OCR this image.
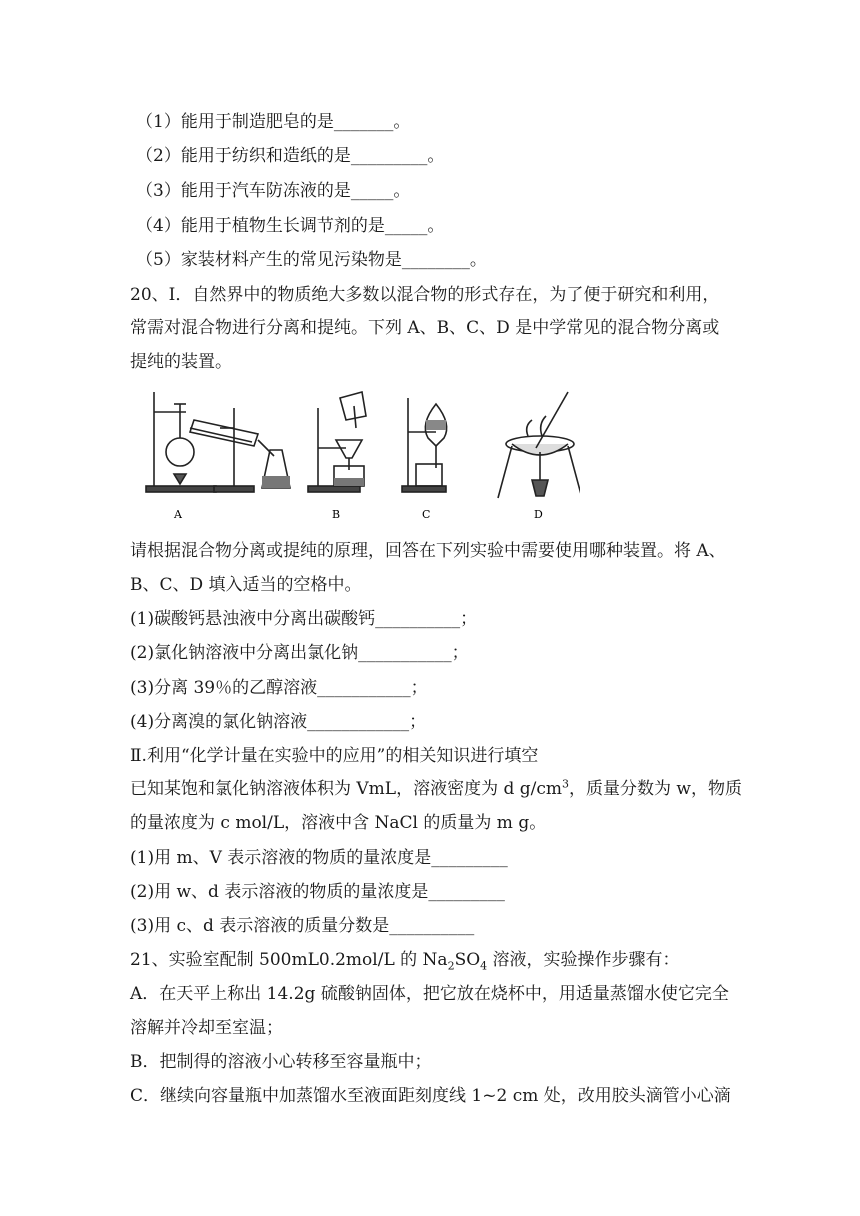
（1）能用于制造肥皂的是_______。
（2）能用于纺织和造纸的是_________。
（3）能用于汽车防冻液的是_____。
（4）能用于植物生长调节剂的是_____。
（5）家装材料产生的常见污染物是________。
20、I．自然界中的物质绝大多数以混合物的形式存在，为了便于研究和利用，
常需对混合物进行分离和提纯。下列 A、B、C、D 是中学常见的混合物分离或
提纯的装置。
A	B	C	D
请根据混合物分离或提纯的原理，回答在下列实验中需要使用哪种装置。将 A、
B、C、D 填入适当的空格中。
(1)碳酸钙悬浊液中分离出碳酸钙__________；
(2)氯化钠溶液中分离出氯化钠___________；
(3)分离 39％的乙醇溶液___________；
(4)分离溴的氯化钠溶液____________；
Ⅱ.利用“化学计量在实验中的应用”的相关知识进行填空
已知某饱和氯化钠溶液体积为 VmL，溶液密度为 d $g/cm^3$，质量分数为 w，物质
的量浓度为 c mol/L，溶液中含 NaCl 的质量为 m g。
(1)用 m、V 表示溶液的物质的量浓度是_________
(2)用 w、d 表示溶液的物质的量浓度是_________
(3)用 c、d 表示溶液的质量分数是__________
21、实验室配制 500mL0.2mol/L 的 $Na_2SO_4$ 溶液，实验操作步骤有：
A．在天平上称出 14.2g 硫酸钠固体，把它放在烧杯中，用适量蒸馏水使它完全
溶解并冷却至室温；
B．把制得的溶液小心转移至容量瓶中；
C．继续向容量瓶中加蒸馏水至液面距刻度线 1~2 cm 处，改用胶头滴管小心滴
